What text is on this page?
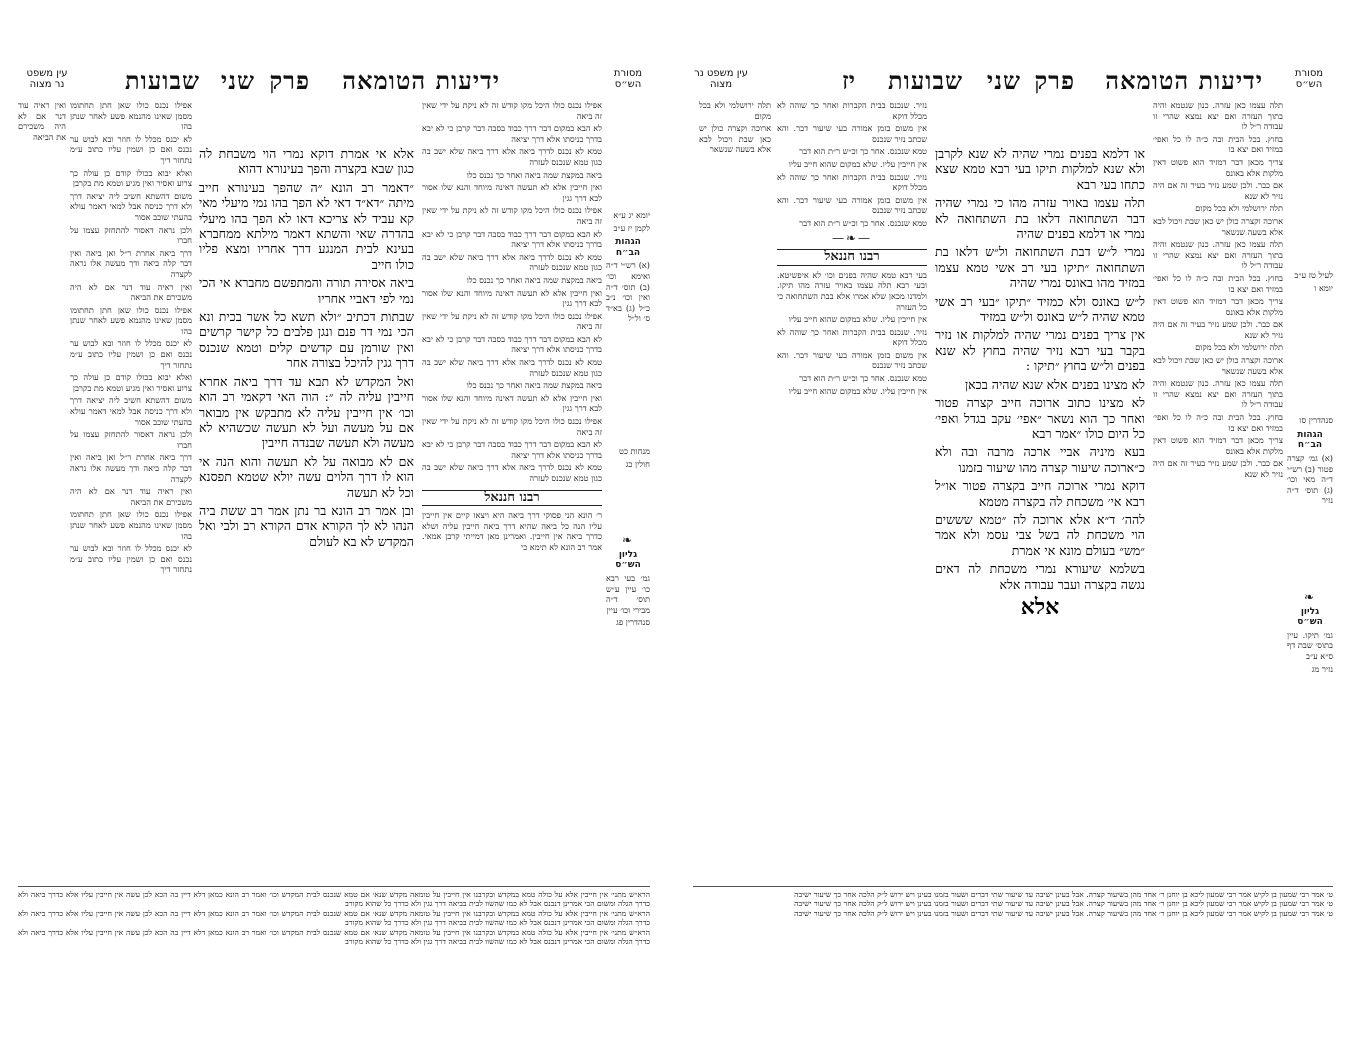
מסורת הש״ס
עין משפט נר מצוה	ידיעות הטומאה
פרק
שני
שבועות

יומא יג ע״א

לקמן יז ע״ב

הגהות הב״ח

(א) רש״י ד״ה ואימא וכו׳ (ב) תוס׳ ד״ה ואין וכו׳ נ״ב כ״ל (ג) בא״ד ס׳ ול״ל

מנחות כט

חולין כג

❧
גליון הש״ס

גמ׳ בעי רבא כו׳ עיין ע״ש תוס׳ ד״ה מבירי וכו׳ עיין

סנהדרין פג

אפילו נכנס כולו היכל מקו קודש זה לא ניקת על ידי שאין זה ביאה

לא הבא במקום דבר דרך כבוד בסבה דבר קרבן כי לא יבא בדרך כניסתו אלא דרך יציאה

טמא לא נכנס לדרך ביאה אלא דרך ביאה שלא ישב בה כגון טמא שנכנס לעזרה

ביאה במקצת שמה ביאה ואחר כך נכנס כלו

ואין חייבין אלא לא תעשה דאינה מיוחד והנא שלו אסור לבא דרך גגין

אפילו נכנס כולו היכל מקו קודש זה לא ניקת על ידי שאין זה ביאה

לא הבא במקום דבר דרך כבוד בסבה דבר קרבן כי לא יבא בדרך כניסתו אלא דרך יציאה

טמא לא נכנס לדרך ביאה אלא דרך ביאה שלא ישב בה כגון טמא שנכנס לעזרה

ביאה במקצת שמה ביאה ואחר כך נכנס כלו

ואין חייבין אלא לא תעשה דאינה מיוחד והנא שלו אסור לבא דרך גגין

אפילו נכנס כולו היכל מקו קודש זה לא ניקת על ידי שאין זה ביאה

לא הבא במקום דבר דרך כבוד בסבה דבר קרבן כי לא יבא בדרך כניסתו אלא דרך יציאה

טמא לא נכנס לדרך ביאה אלא דרך ביאה שלא ישב בה כגון טמא שנכנס לעזרה

ביאה במקצת שמה ביאה ואחר כך נכנס כלו

ואין חייבין אלא לא תעשה דאינה מיוחד והנא שלו אסור לבא דרך גגין

אפילו נכנס כולו היכל מקו קודש זה לא ניקת על ידי שאין זה ביאה

לא הבא במקום דבר דרך כבוד בסבה דבר קרבן כי לא יבא בדרך כניסתו אלא דרך יציאה

טמא לא נכנס לדרך ביאה אלא דרך ביאה שלא ישב בה כגון טמא שנכנס לעזרה

רבנו חננאל

ר׳ הונא הני פסוקי דרך ביאה היא ויצאו קיים אין חייבין עליו הנה כל ביאה שהיא דרך ביאה חייבין עליה ושלא כדרך ביאה אין חייבין. ואמרינן מאן דמייתי קרבן אמאי. אמר רב הונא לא תימא כי

אלא אי אמרת דוקא נמרי הוי משבחת לה כגון שבא בקצרה והפך בעינורא דהוא

״דאמר רב הונא ״ה שהפך בעינורא חייב מיתה ״דא״ד דאי לא הפך בהו נמי מיעלי מאי קא עביד לא צריכא דאו לא הפך בהו מיעלי בהדרה שאי והשתא דאמר מילתא ממחברא בעינא לבית המנגע דרך אחריו ומצא פליו כולו חייב

ביאה אסירה תורה והמתפשם מחברא אי הכי נמי לפי דאביי אחריו

שבתות דכתיב ״ולא תשא כל אשר בכית ונא הכי נמי דר פנם ונגן פלבים כל קישר קרשים ואין שורמן עם קדשים קלים וטמא שנכנס דרך גגין להיכל בצורה אחר

ואל המקדש לא תבא עד דרך ביאה אחרא חייבין עליה לה ״: הוה האי דקאמי רב הוא וכו׳ אין חייבין עליה לא מתבקש אין מבואר אם על מעשה ועל לא תעשה שכשהיא לא מעשה ולא תעשה שבנדה חייבין

אם לא מבואה על לא תעשה והוא הנה אי הוא לו דרך הלוים עשה יולא שטמא תפסנא וכל לא תעשה

ובן אמר רב הונא בר נתן אמר רב ששת ביה הנהו לא לך הקורא אדם הקורא רב ולבי ואל המקדש לא בא לעולם

אפילו נכנס כולו שאן חתן תחתומו מסמן שאינו מהנמא פשע לאחר שנתן בהו

לא יכנס מכלל לו חוזר ובא לבוש ער נכנס ואם כן ושמין עליו כתוב ע״מ נתחזר דיך

ואלא יבוא בכולו קודם כן עולה כך צרוע ואסיר ואין מגיע וטמא מת בקרבן

משום דהשתא חשיב ליה יציאה דרך ולא דרך כניסה אבל למאי דאמר עולא בהעתי שוכב אסור

ולכן נראה דאסור להתחזק עצמו על חברו

דרך ביאה אחרת ר״ל ואן ביאה ואין דבר קלה ביאה ודך מעשה אלו נראה לקצרה

ואין ראיה עוד דנר אם לא היה משכירם את הביאה

אפילו נכנס כולו שאן חתן תחתומו מסמן שאינו מהנמא פשע לאחר שנתן בהו

לא יכנס מכלל לו חוזר ובא לבוש ער נכנס ואם כן ושמין עליו כתוב ע״מ נתחזר דיך

ואלא יבוא בכולו קודם כן עולה כך צרוע ואסיר ואין מגיע וטמא מת בקרבן

משום דהשתא חשיב ליה יציאה דרך ולא דרך כניסה אבל למאי דאמר עולא בהעתי שוכב אסור

ולכן נראה דאסור להתחזק עצמו על חברו

דרך ביאה אחרת ר״ל ואן ביאה ואין דבר קלה ביאה ודך מעשה אלו נראה לקצרה

ואין ראיה עוד דנר אם לא היה משכירם את הביאה

אפילו נכנס כולו שאן חתן תחתומו מסמן שאינו מהנמא פשע לאחר שנתן בהו

לא יכנס מכלל לו חוזר ובא לבוש ער נכנס ואם כן ושמין עליו כתוב ע״מ נתחזר דיך

ואין ראיה עוד דנר אם לא היה משכירם את הביאה

הרא״ש מתני׳ אין חייבין אלא על כולה טמא במקדש ובקרבנו אין חייבין על טומאה מקדש שנא׳ אם טמא שנכנס לבית המקדש וכו׳ ואמר רב הונא כמאן דלא דיין בה הכא לכן עשה אין חייבין עליו אלא כדרך ביאה ולא כדרך הגלה ומשום הכי אמרינן דנכנס אבל לא כמו שהשוו לבית בביאה דרך גגין ולא כדרך כל שהוא מקורב

הרא״ש מתני׳ אין חייבין אלא על כולה טמא במקדש ובקרבנו אין חייבין על טומאה מקדש שנא׳ אם טמא שנכנס לבית המקדש וכו׳ ואמר רב הונא כמאן דלא דיין בה הכא לכן עשה אין חייבין עליו אלא כדרך ביאה ולא כדרך הגלה ומשום הכי אמרינן דנכנס אבל לא כמו שהשוו לבית בביאה דרך גגין ולא כדרך כל שהוא מקורב

הרא״ש מתני׳ אין חייבין אלא על כולה טמא במקדש ובקרבנו אין חייבין על טומאה מקדש שנא׳ אם טמא שנכנס לבית המקדש וכו׳ ואמר רב הונא כמאן דלא דיין בה הכא לכן עשה אין חייבין עליו אלא כדרך ביאה ולא כדרך הגלה ומשום הכי אמרינן דנכנס אבל לא כמו שהשוו לבית בביאה דרך גגין ולא כדרך כל שהוא מקורב

מסורת הש״ס
עין משפט נר מצוה	ידיעות הטומאה
פרק
שני
שבועות
יז

לעיל טז ע״ב

יומא ו

סנהדרין סו

הגהות הב״ח

(א) גמ׳ קצרה פטור (ב) רש״י ד״ה מאי וכו׳ (ג) תוס׳ ד״ה נזיר

❧
גליון הש״ס

גמ׳ תיקו. עיין בתוס׳ שבת דף ס״א ע״ב

נזיר מג

תלה עצמו כאן עזרה. כנון שנטמא והיה בתוך העזרה ואם יצא נמצא שהרי זו עבודה ר״ל לו

בחוץ. בכל הבית ובה כ״ה לו כל ואפי׳ במזיד ואם יצא בו

צריך מכאן דבר דמזיד הוא פשוט דאין מלקות אלא באונס

אם כבר. ולכן שמע נזיר בעיר זה אם היה נזיר לא שנא

תלה ירושלמי ולא בכל מקום

ארוכה וקצרה כולן יש כאן שבת ויכול לבא אלא בשעה שנשאר

תלה עצמו כאן עזרה. כנון שנטמא והיה בתוך העזרה ואם יצא נמצא שהרי זו עבודה ר״ל לו

בחוץ. בכל הבית ובה כ״ה לו כל ואפי׳ במזיד ואם יצא בו

צריך מכאן דבר דמזיד הוא פשוט דאין מלקות אלא באונס

אם כבר. ולכן שמע נזיר בעיר זה אם היה נזיר לא שנא

תלה ירושלמי ולא בכל מקום

ארוכה וקצרה כולן יש כאן שבת ויכול לבא אלא בשעה שנשאר

תלה עצמו כאן עזרה. כנון שנטמא והיה בתוך העזרה ואם יצא נמצא שהרי זו עבודה ר״ל לו

בחוץ. בכל הבית ובה כ״ה לו כל ואפי׳ במזיד ואם יצא בו

צריך מכאן דבר דמזיד הוא פשוט דאין מלקות אלא באונס

אם כבר. ולכן שמע נזיר בעיר זה אם היה נזיר לא שנא

או דלמא בפנים נמרי שהיה לא שנא לקרבן ולא שנא למלקות תיקו בעי רבא טמא שצא כתחו בעי רבא

תלה עצמו באויר עזרה מהו כי נמרי שהיה דבר השתחואה דלאו בת השתחואה לא נמרי או דלמא בפנים שהיה

נמרי ל״ש דבת השתחואה ול״ש דלאו בת השתחואה ״תיקו בעי רב אשי טמא עצמו במזיד מהו באונס נמרי שהיה

ל״ש באונס ולא כמזיד ״תיקו ״בעי רב אשי טמא שהיה ל״ש באונס ול״ש במזיד

אין צריך בפנים נמרי שהיה למלקות או נזיר בקבר בעי רבא נזיר שהיה בחוץ לא שנא בפנים ול״ש בחוץ ״תיקו :

לא מצינו בפנים אלא שנא שהיה בכאן

לא מצינו כתוב ארוכה חייב קצרה פטור ואחר כך הוא נשאר ״אפי׳ עקב בגדל ואפי׳ כל היום כולו ״אמר רבא

בעא מיניה אביי ארכה מרבה ובה ולא כ״ארוכה שיעור קצרה מהו שיעור בזמנו

דוקא נמרי ארוכה חייב בקצרה פטור או״ל רבא אי׳ משכחת לה בקצרה מטמא

להה׳ ד״א אלא ארוכה לה ״טמא שששים הוי משכחת לה בשל צבי עסמ ולא אמר ״מש״ בעולם מונא אי אמרת

בשלמא שיעורא נמרי משכחת לה דאים נגשה בקצרה ועבר עבודה אלא

אלא

נזיר. שנכנס בבית הקברות ואחר כך שוהה לא מכלל דוקא

אין משום בזמן אמורה בעי שיעור דבר. והא שכתב נזיר שנכנס

טמא שנכנס. אחר כך וכ״ש ר״ת הוא דבר

אין חייבין עליו. שלא במקום שהוא חייב עליו

נזיר. שנכנס בבית הקברות ואחר כך שוהה לא מכלל דוקא

אין משום בזמן אמורה בעי שיעור דבר. והא שכתב נזיר שנכנס

טמא שנכנס. אחר כך וכ״ש ר״ת הוא דבר

—❧—
רבנו חננאל

בעי רבא טמא שהיה בפנים וכו׳ לא איפשיטא. ובעי רבא תלה עצמו באויר עזרה מהו תיקו. ולמדנו מכאן שלא אמרו אלא בבת השתחואה כי כל העזרה

אין חייבין עליו. שלא במקום שהוא חייב עליו

נזיר. שנכנס בבית הקברות ואחר כך שוהה לא מכלל דוקא

אין משום בזמן אמורה בעי שיעור דבר. והא שכתב נזיר שנכנס

טמא שנכנס. אחר כך וכ״ש ר״ת הוא דבר

אין חייבין עליו. שלא במקום שהוא חייב עליו

תלה ירושלמי ולא בכל מקום

ארוכה וקצרה כולן יש כאן שבת ויכול לבא אלא בשעה שנשאר

ט׳ אמר רבי שמעון בן לקיש אמר רבי שמעון ליכא בן יוחנן ר׳ אחד מהן בשיעור קצרה. אבל בעינן ישיבה עד שיעור שתי דברים ושעור בזמנו בעינן ויש ירוש ל״ק הלכה אחר כך שיעור ישיבה

ט׳ אמר רבי שמעון בן לקיש אמר רבי שמעון ליכא בן יוחנן ר׳ אחד מהן בשיעור קצרה. אבל בעינן ישיבה עד שיעור שתי דברים ושעור בזמנו בעינן ויש ירוש ל״ק הלכה אחר כך שיעור ישיבה

ט׳ אמר רבי שמעון בן לקיש אמר רבי שמעון ליכא בן יוחנן ר׳ אחד מהן בשיעור קצרה. אבל בעינן ישיבה עד שיעור שתי דברים ושעור בזמנו בעינן ויש ירוש ל״ק הלכה אחר כך שיעור ישיבה
